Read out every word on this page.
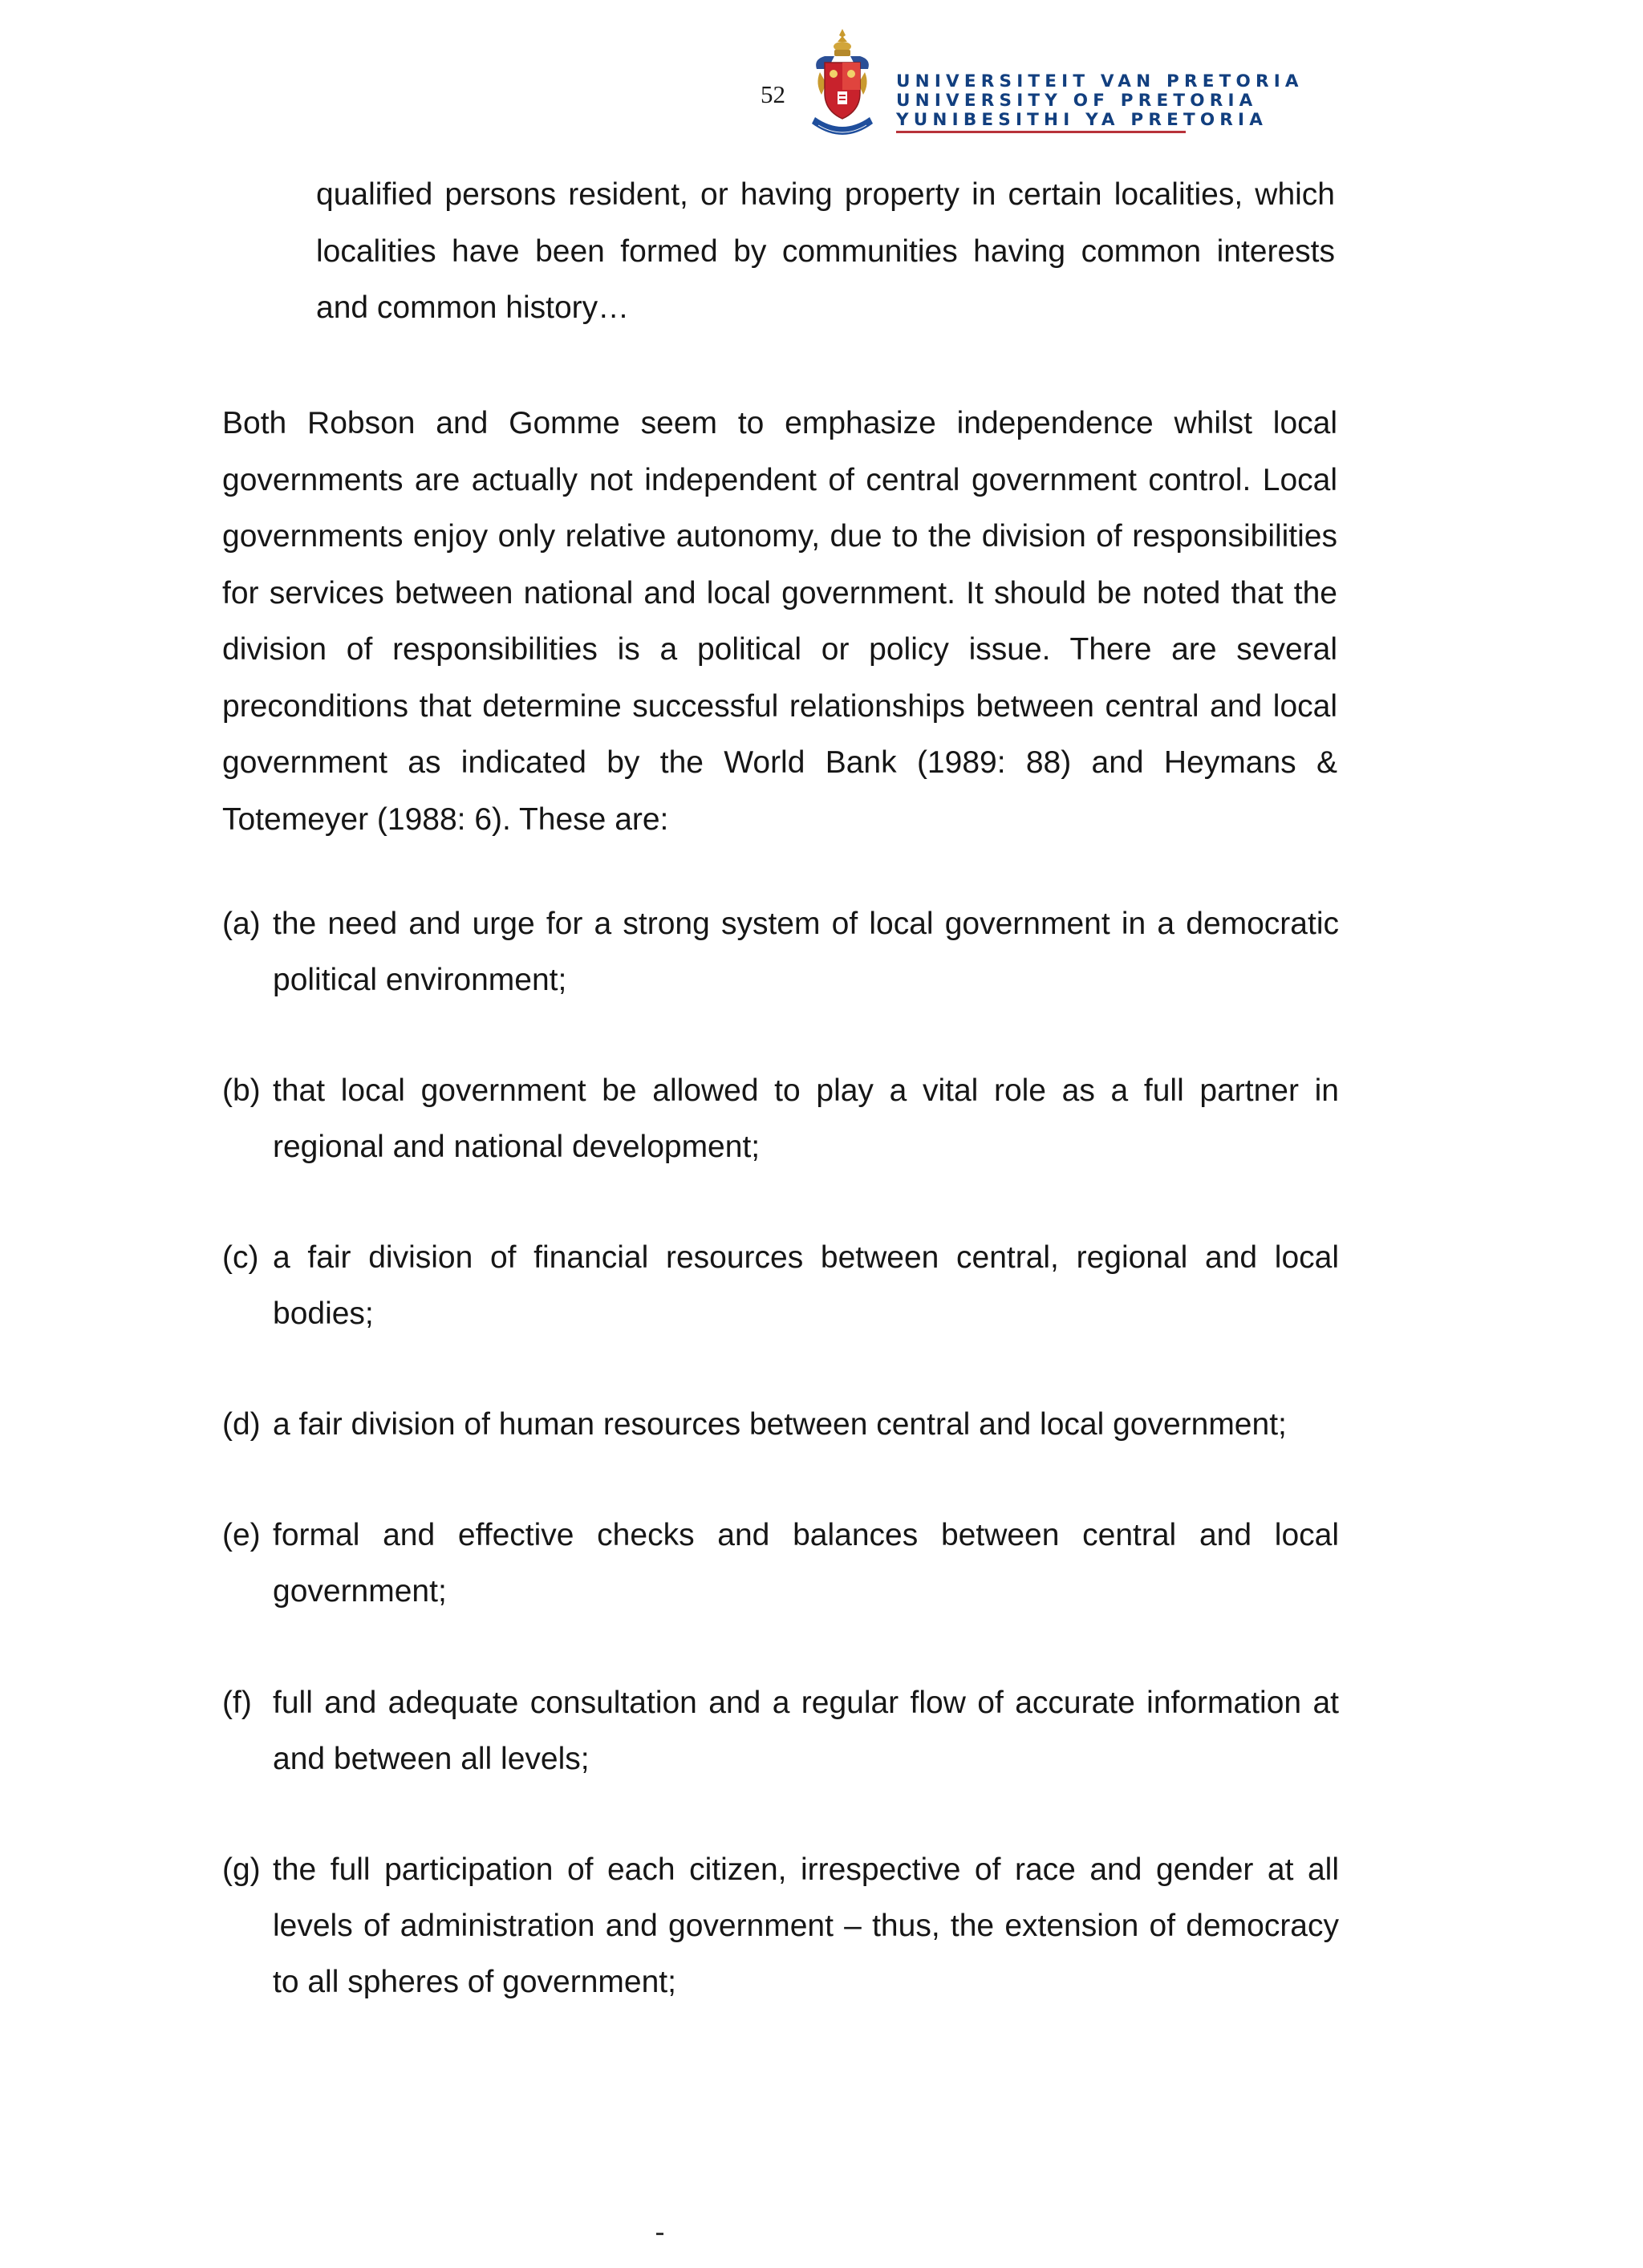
52	UNIVERSITEIT VAN PRETORIA
UNIVERSITY OF PRETORIA
YUNIBESITHI YA PRETORIA
qualified persons resident, or having property in certain localities, which localities have been formed by communities having common interests and common history…
Both Robson and Gomme seem to emphasize independence whilst local governments are actually not independent of central government control. Local governments enjoy only relative autonomy, due to the division of responsibilities for services between national and local government. It should be noted that the division of responsibilities is a political or policy issue. There are several preconditions that determine successful relationships between central and local government as indicated by the World Bank (1989: 88) and Heymans & Totemeyer (1988: 6). These are:
(a) the need and urge for a strong system of local government in a democratic political environment;
(b) that local government be allowed to play a vital role as a full partner in regional and national development;
(c) a fair division of financial resources between central, regional and local bodies;
(d) a fair division of human resources between central and local government;
(e) formal and effective checks and balances between central and local government;
(f) full and adequate consultation and a regular flow of accurate information at and between all levels;
(g) the full participation of each citizen, irrespective of race and gender at all levels of administration and government – thus, the extension of democracy to all spheres of government;
